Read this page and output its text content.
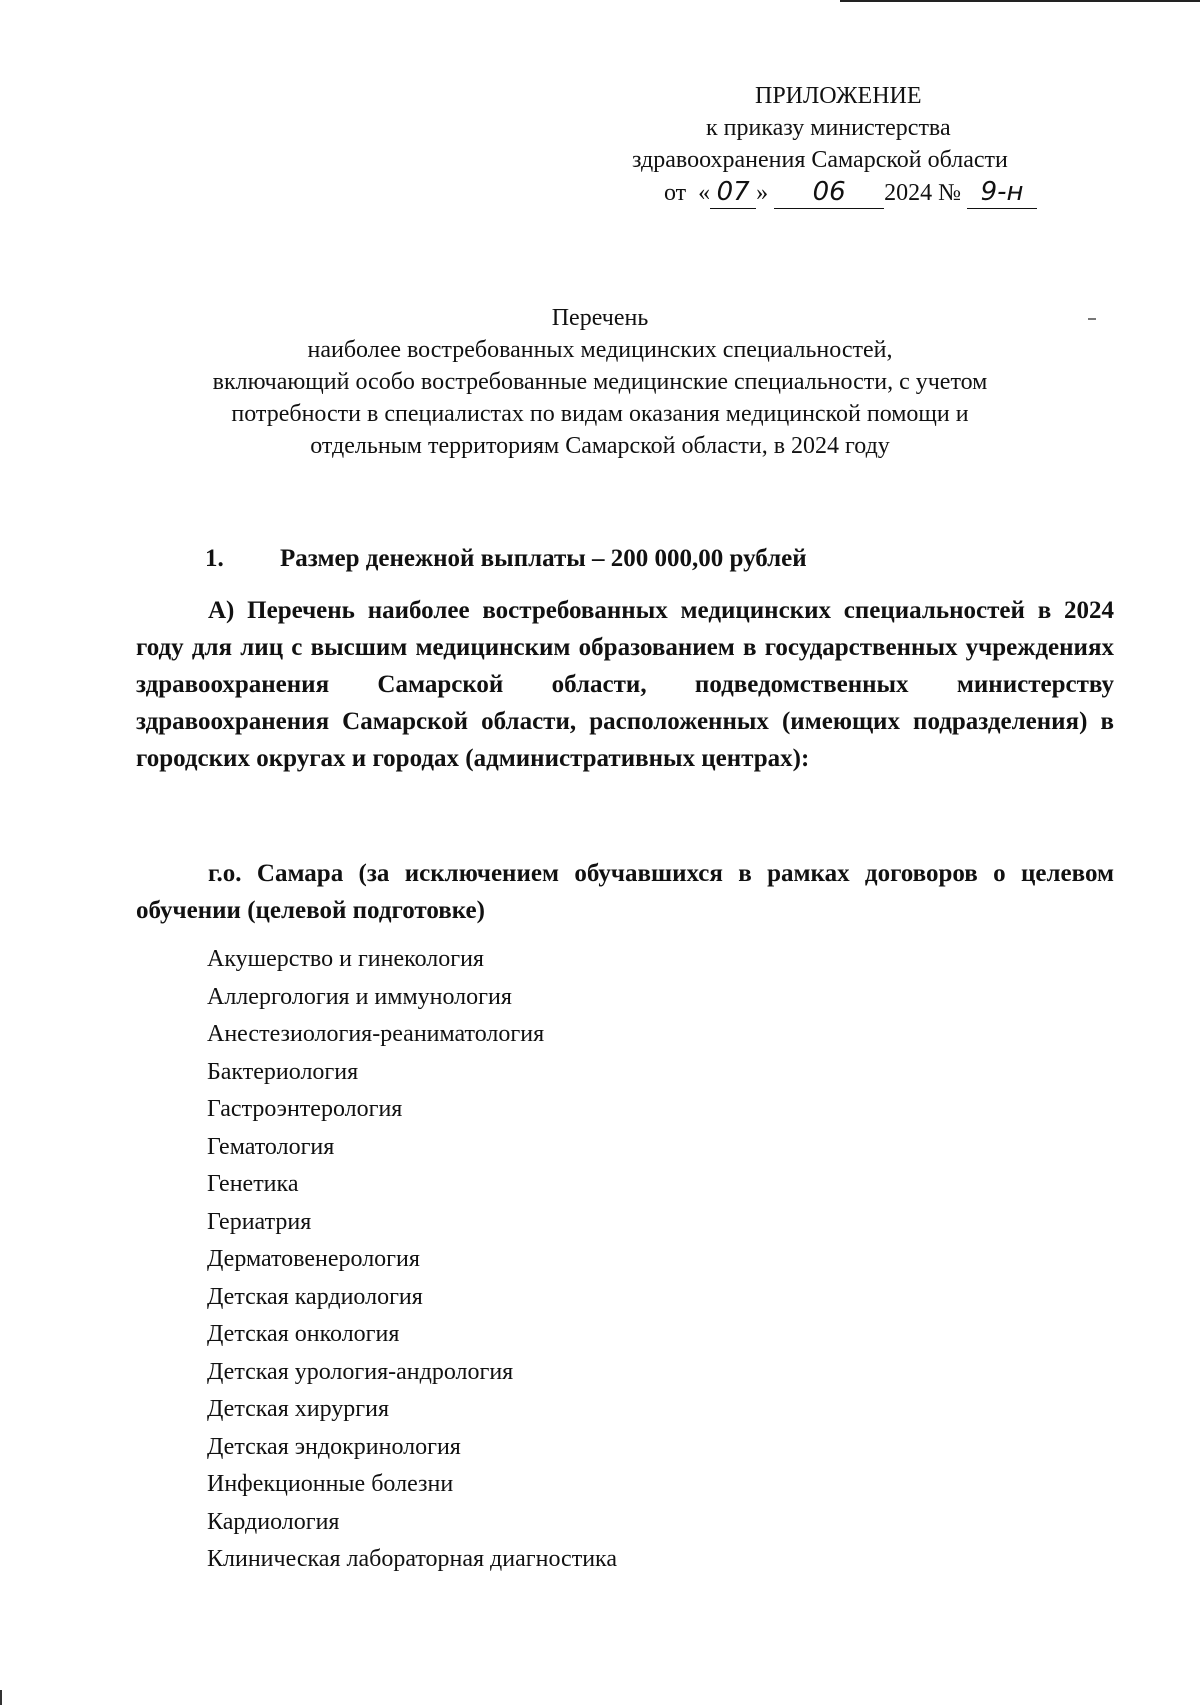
ПРИЛОЖЕНИЕ
к приказу министерства
здравоохранения Самарской области
от  « 07 » 06 2024 № 9-н
Перечень
наиболее востребованных медицинских специальностей,
включающий особо востребованные медицинские специальности, с учетом
потребности в специалистах по видам оказания медицинской помощи и
отдельным территориям Самарской области, в 2024 году
1. Размер денежной выплаты – 200 000,00 рублей
А) Перечень наиболее востребованных медицинских специальностей в 2024 году для лиц с высшим медицинским образованием в государственных учреждениях здравоохранения Самарской области, подведомственных министерству здравоохранения Самарской области, расположенных (имеющих подразделения) в городских округах и городах (административных центрах):
г.о. Самара (за исключением обучавшихся в рамках договоров о целевом обучении (целевой подготовке)
Акушерство и гинекология
Аллергология и иммунология
Анестезиология-реаниматология
Бактериология
Гастроэнтерология
Гематология
Генетика
Гериатрия
Дерматовенерология
Детская кардиология
Детская онкология
Детская урология-андрология
Детская хирургия
Детская эндокринология
Инфекционные болезни
Кардиология
Клиническая лабораторная диагностика
